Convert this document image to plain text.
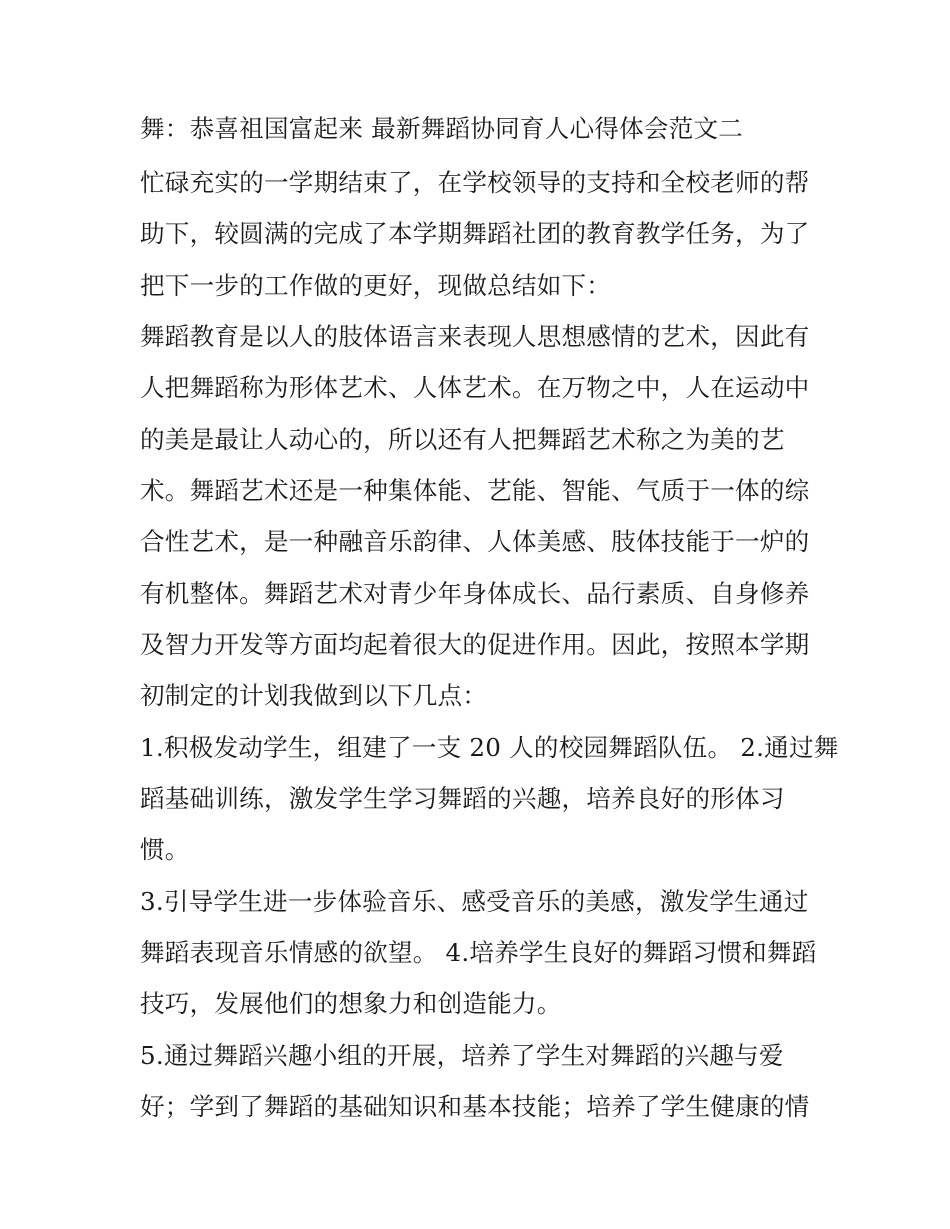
舞：恭喜祖国富起来 最新舞蹈协同育人心得体会范文二
忙碌充实的一学期结束了，在学校领导的支持和全校老师的帮
助下，较圆满的完成了本学期舞蹈社团的教育教学任务，为了
把下一步的工作做的更好，现做总结如下：
舞蹈教育是以人的肢体语言来表现人思想感情的艺术，因此有
人把舞蹈称为形体艺术、人体艺术。在万物之中，人在运动中
的美是最让人动心的，所以还有人把舞蹈艺术称之为美的艺
术。舞蹈艺术还是一种集体能、艺能、智能、气质于一体的综
合性艺术，是一种融音乐韵律、人体美感、肢体技能于一炉的
有机整体。舞蹈艺术对青少年身体成长、品行素质、自身修养
及智力开发等方面均起着很大的促进作用。因此，按照本学期
初制定的计划我做到以下几点：
1.积极发动学生，组建了一支 20 人的校园舞蹈队伍。 2.通过舞
蹈基础训练，激发学生学习舞蹈的兴趣，培养良好的形体习
惯。
3.引导学生进一步体验音乐、感受音乐的美感，激发学生通过
舞蹈表现音乐情感的欲望。 4.培养学生良好的舞蹈习惯和舞蹈
技巧，发展他们的想象力和创造能力。
5.通过舞蹈兴趣小组的开展，培养了学生对舞蹈的兴趣与爱
好；学到了舞蹈的基础知识和基本技能；培养了学生健康的情
